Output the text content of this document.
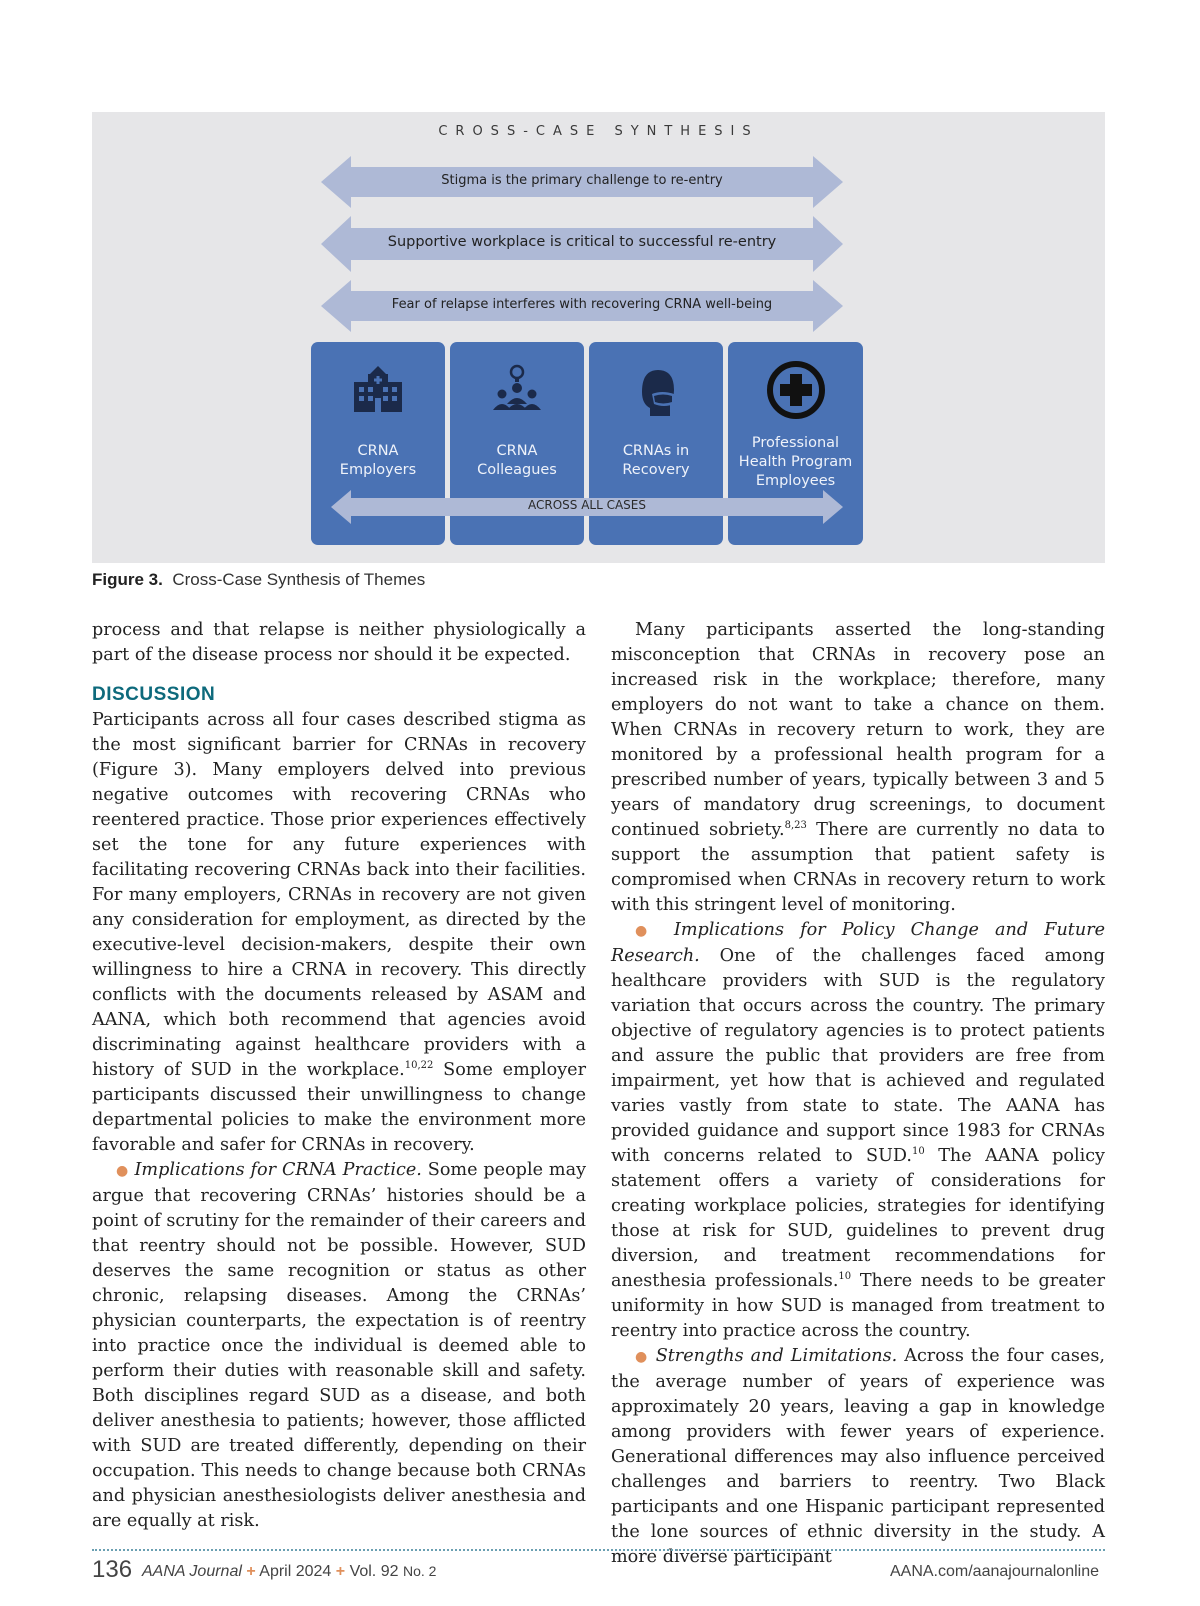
CROSS-CASE SYNTHESIS
Stigma is the primary challenge to re-entry
Supportive workplace is critical to successful re-entry
Fear of relapse interferes with recovering CRNA well-being
CRNA
Employers
CRNA
Colleagues
CRNAs in
Recovery
Professional
Health Program
Employees
ACROSS ALL CASES
Figure 3. Cross-Case Synthesis of Themes

process and that relapse is neither physiologically a part of the disease process nor should it be expected.

DISCUSSION

Participants across all four cases described stigma as the most significant barrier for CRNAs in recovery (Figure 3). Many employers delved into previous negative outcomes with recovering CRNAs who reentered practice. Those prior experiences effectively set the tone for any future experiences with facilitating recovering CRNAs back into their facilities. For many employers, CRNAs in recovery are not given any consideration for employment, as directed by the executive-level decision-makers, despite their own willingness to hire a CRNA in recovery. This directly conflicts with the documents released by ASAM and AANA, which both recommend that agencies avoid discriminating against healthcare providers with a history of SUD in the workplace.$^{10,22}$ Some employer participants discussed their unwillingness to change departmental policies to make the environment more favorable and safer for CRNAs in recovery.

● Implications for CRNA Practice. Some people may argue that recovering CRNAs’ histories should be a point of scrutiny for the remainder of their careers and that reentry should not be possible. However, SUD deserves the same recognition or status as other chronic, relapsing diseases. Among the CRNAs’ physician counterparts, the expectation is of reentry into practice once the individual is deemed able to perform their duties with reasonable skill and safety. Both disciplines regard SUD as a disease, and both deliver anesthesia to patients; however, those afflicted with SUD are treated differently, depending on their occupation. This needs to change because both CRNAs and physician anesthesiologists deliver anesthesia and are equally at risk.

Many participants asserted the long-standing misconception that CRNAs in recovery pose an increased risk in the workplace; therefore, many employers do not want to take a chance on them. When CRNAs in recovery return to work, they are monitored by a professional health program for a prescribed number of years, typically between 3 and 5 years of mandatory drug screenings, to document continued sobriety.$^{8,23}$ There are currently no data to support the assumption that patient safety is compromised when CRNAs in recovery return to work with this stringent level of monitoring.

● Implications for Policy Change and Future Research. One of the challenges faced among healthcare providers with SUD is the regulatory variation that occurs across the country. The primary objective of regulatory agencies is to protect patients and assure the public that providers are free from impairment, yet how that is achieved and regulated varies vastly from state to state. The AANA has provided guidance and support since 1983 for CRNAs with concerns related to SUD.$^{10}$ The AANA policy statement offers a variety of considerations for creating workplace policies, strategies for identifying those at risk for SUD, guidelines to prevent drug diversion, and treatment recommendations for anesthesia professionals.$^{10}$ There needs to be greater uniformity in how SUD is managed from treatment to reentry into practice across the country.

● Strengths and Limitations. Across the four cases, the average number of years of experience was approximately 20 years, leaving a gap in knowledge among providers with fewer years of experience. Generational differences may also influence perceived challenges and barriers to reentry. Two Black participants and one Hispanic participant represented the lone sources of ethnic diversity in the study. A more diverse participant

136 AANA Journal + April 2024 + Vol. 92 No. 2	AANA.com/aanajournalonline
